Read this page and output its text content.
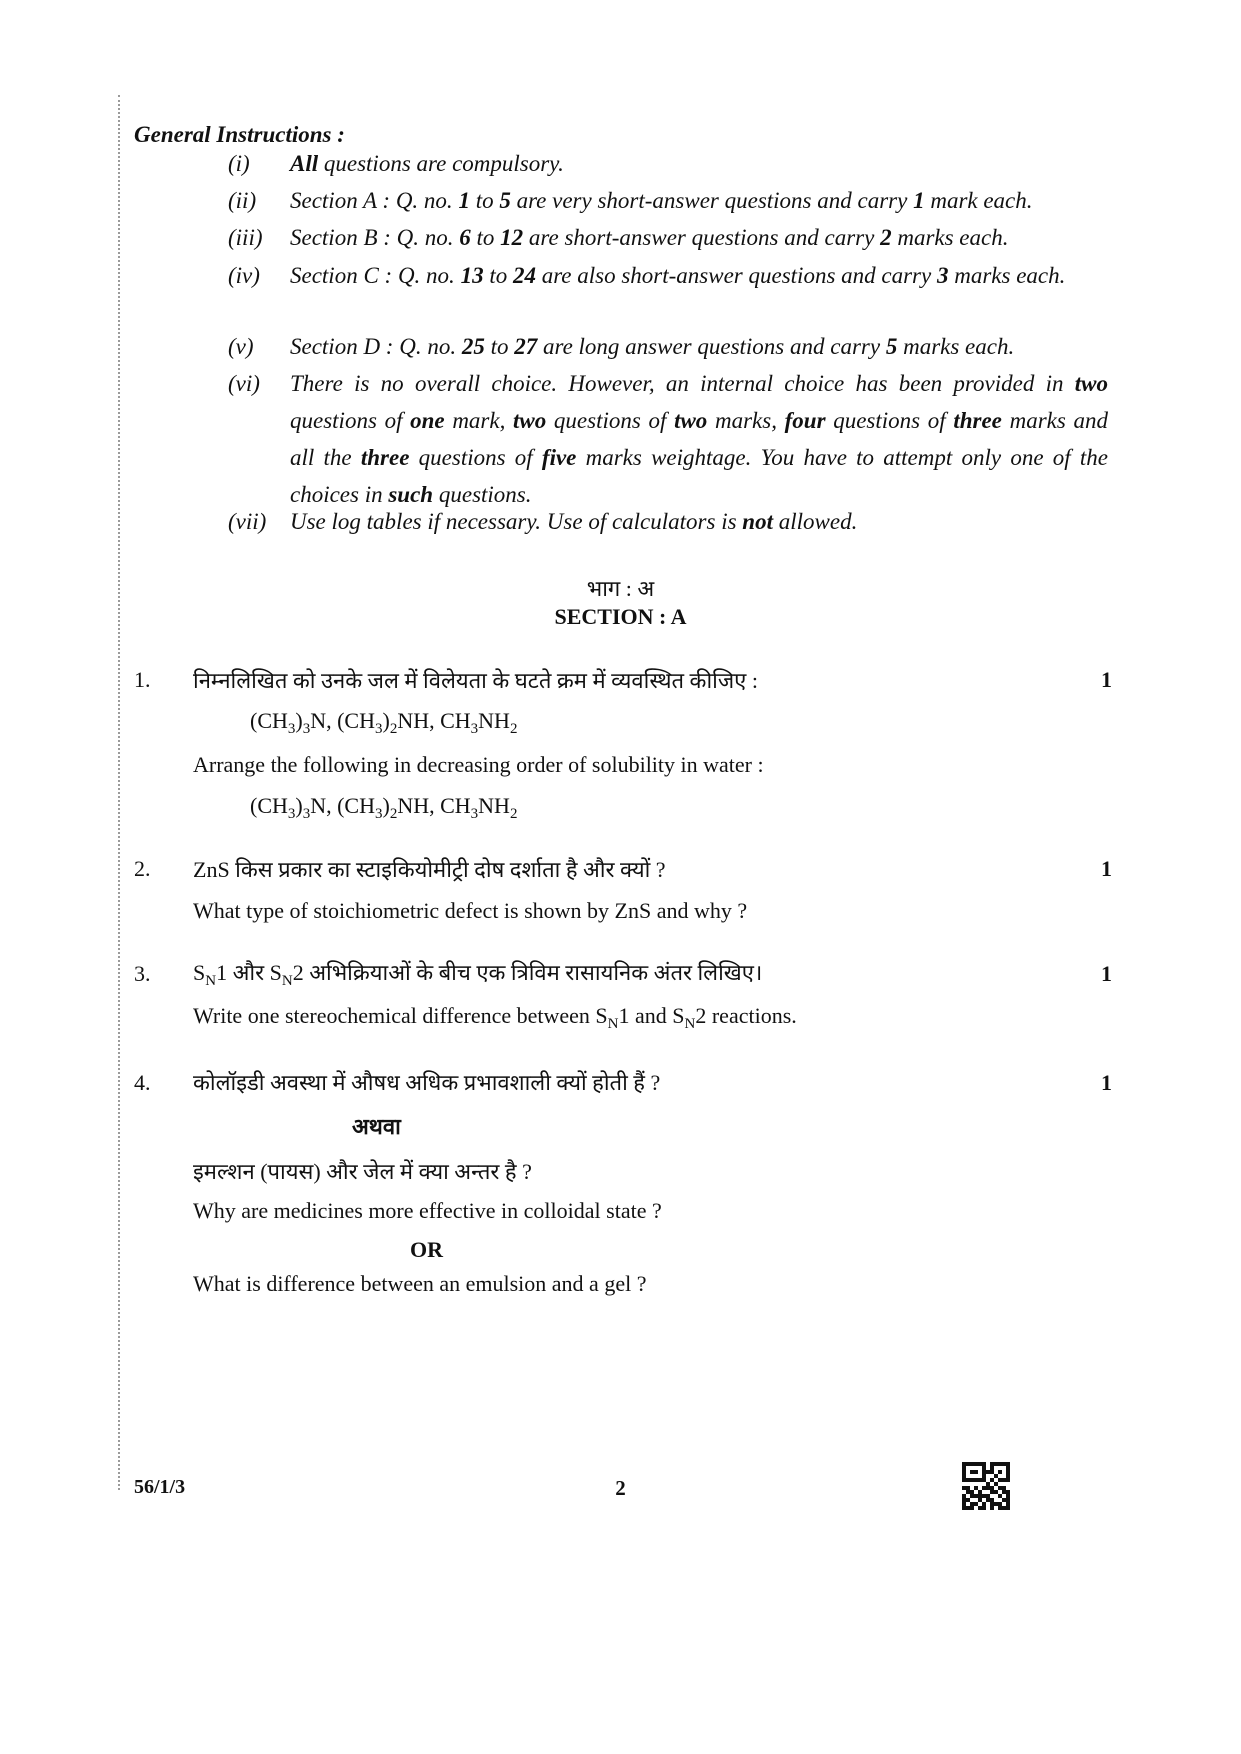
General Instructions :
(i)	All questions are compulsory.
(ii)	Section A : Q. no. 1 to 5 are very short-answer questions and carry 1 mark each.
(iii)	Section B : Q. no. 6 to 12 are short-answer questions and carry 2 marks each.
(iv)	Section C : Q. no. 13 to 24 are also short-answer questions and carry 3 marks each.
(v)	Section D : Q. no. 25 to 27 are long answer questions and carry 5 marks each.
(vi)	There is no overall choice. However, an internal choice has been provided in two questions of one mark, two questions of two marks, four questions of three marks and all the three questions of five marks weightage. You have to attempt only one of the choices in such questions.
(vii)	Use log tables if necessary. Use of calculators is not allowed.
भाग : अ
SECTION : A
1. निम्नलिखित को उनके जल में विलेयता के घटते क्रम में व्यवस्थित कीजिए :	1
$(CH_3)_3N$, $(CH_3)_2NH$, $CH_3NH_2$
Arrange the following in decreasing order of solubility in water :
$(CH_3)_3N$, $(CH_3)_2NH$, $CH_3NH_2$
2. ZnS किस प्रकार का स्टाइकियोमीट्री दोष दर्शाता है और क्यों ?	1
What type of stoichiometric defect is shown by ZnS and why ?
3. $S_N1$ और $S_N2$ अभिक्रियाओं के बीच एक त्रिविम रासायनिक अंतर लिखिए।	1
Write one stereochemical difference between $S_N1$ and $S_N2$ reactions.
4. कोलॉइडी अवस्था में औषध अधिक प्रभावशाली क्यों होती हैं ?	1
अथवा
इमल्शन (पायस) और जेल में क्या अन्तर है ?
Why are medicines more effective in colloidal state ?
OR
What is difference between an emulsion and a gel ?
56/1/3	2
